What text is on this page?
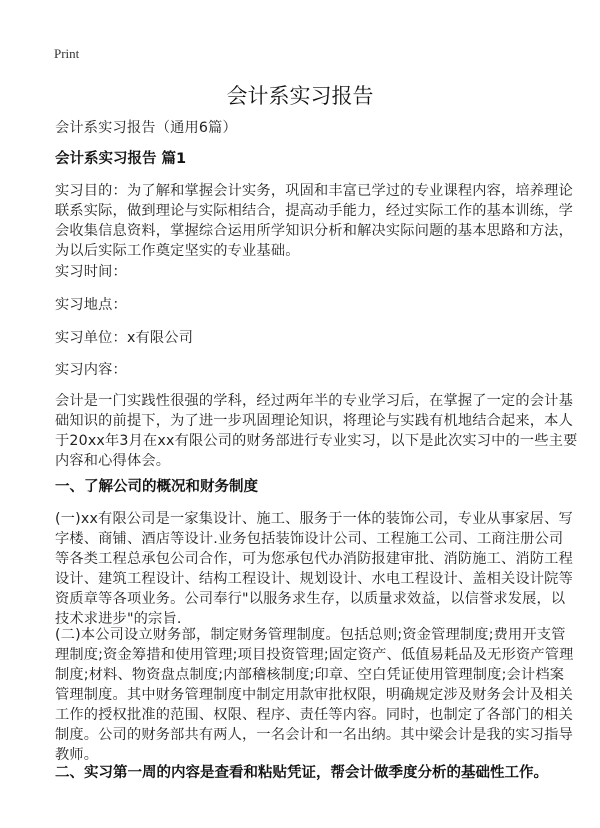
Print
会计系实习报告
会计系实习报告（通用6篇）
会计系实习报告 篇1
实习目的：为了解和掌握会计实务，巩固和丰富已学过的专业课程内容，培养理论
联系实际，做到理论与实际相结合，提高动手能力，经过实际工作的基本训练，学
会收集信息资料，掌握综合运用所学知识分析和解决实际问题的基本思路和方法，
为以后实际工作奠定坚实的专业基础。
实习时间：
实习地点：
实习单位：x有限公司
实习内容：
会计是一门实践性很强的学科，经过两年半的专业学习后，在掌握了一定的会计基
础知识的前提下，为了进一步巩固理论知识，将理论与实践有机地结合起来，本人
于20xx年3月在xx有限公司的财务部进行专业实习，以下是此次实习中的一些主要
内容和心得体会。
一、了解公司的概况和财务制度
(一)xx有限公司是一家集设计、施工、服务于一体的装饰公司，专业从事家居、写
字楼、商铺、酒店等设计.业务包括装饰设计公司、工程施工公司、工商注册公司
等各类工程总承包公司合作，可为您承包代办消防报建审批、消防施工、消防工程
设计、建筑工程设计、结构工程设计、规划设计、水电工程设计、盖相关设计院等
资质章等各项业务。公司奉行"以服务求生存，以质量求效益，以信誉求发展，以
技术求进步"的宗旨.
(二)本公司设立财务部，制定财务管理制度。包括总则;资金管理制度;费用开支管
理制度;资金筹措和使用管理;项目投资管理;固定资产、低值易耗品及无形资产管理
制度;材料、物资盘点制度;内部稽核制度;印章、空白凭证使用管理制度;会计档案
管理制度。其中财务管理制度中制定用款审批权限，明确规定涉及财务会计及相关
工作的授权批准的范围、权限、程序、责任等内容。同时，也制定了各部门的相关
制度。公司的财务部共有两人，一名会计和一名出纳。其中梁会计是我的实习指导
教师。
二、实习第一周的内容是查看和粘贴凭证，帮会计做季度分析的基础性工作。
